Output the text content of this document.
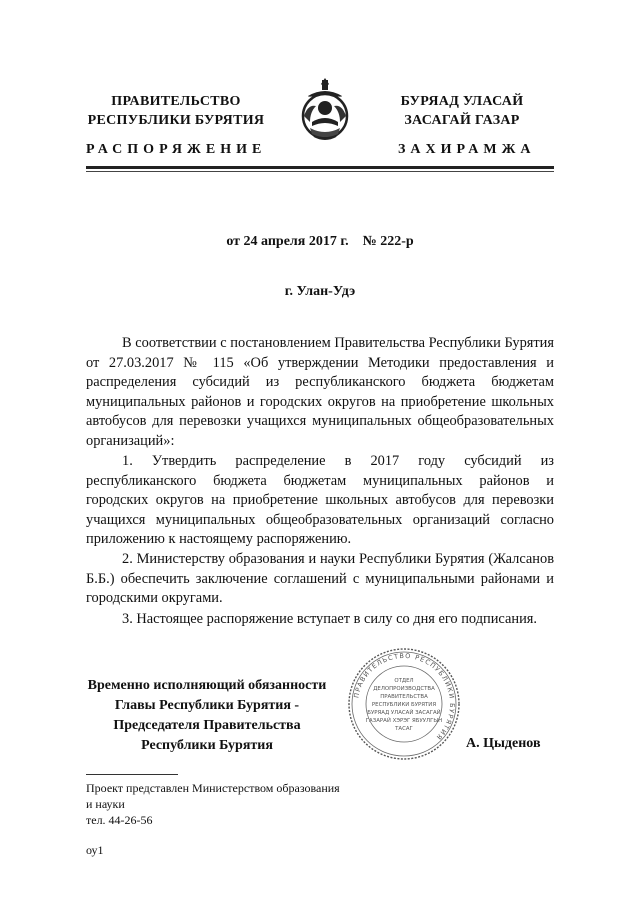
ПРАВИТЕЛЬСТВО
РЕСПУБЛИКИ БУРЯТИЯ
БУРЯАД УЛАСАЙ
ЗАСАГАЙ ГАЗАР
РАСПОРЯЖЕНИЕ	ЗАХИРАМЖА
от 24 апреля 2017 г.    № 222-р
г. Улан-Удэ
В соответствии с постановлением Правительства Республики Бурятия от 27.03.2017 № 115 «Об утверждении Методики предоставления и распределения субсидий из республиканского бюджета бюджетам муниципальных районов и городских округов на приобретение школьных автобусов для перевозки учащихся муниципальных общеобразовательных организаций»:
1. Утвердить распределение в 2017 году субсидий из республиканского бюджета бюджетам муниципальных районов и городских округов на приобретение школьных автобусов для перевозки учащихся муниципальных общеобразовательных организаций согласно приложению к настоящему распоряжению.
2. Министерству образования и науки Республики Бурятия (Жалсанов Б.Б.) обеспечить заключение соглашений с муниципальными районами и городскими округами.
3. Настоящее распоряжение вступает в силу со дня его подписания.
Временно исполняющий обязанности
Главы Республики Бурятия -
Председателя Правительства
Республики Бурятия	А. Цыденов
ПРАВИТЕЛЬСТВО РЕСПУБЛИКИ БУРЯТИЯ
ОТДЕЛ
ДЕЛОПРОИЗВОДСТВА
ПРАВИТЕЛЬСТВА
РЕСПУБЛИКИ БУРЯТИЯ
БУРЯАД УЛАСАЙ ЗАСАГАЙ
ГАЗАРАЙ ХЭРЭГ ЯБУУЛГЫН
ТАСАГ
Проект представлен Министерством образования
и науки
тел. 44-26-56
оу1
